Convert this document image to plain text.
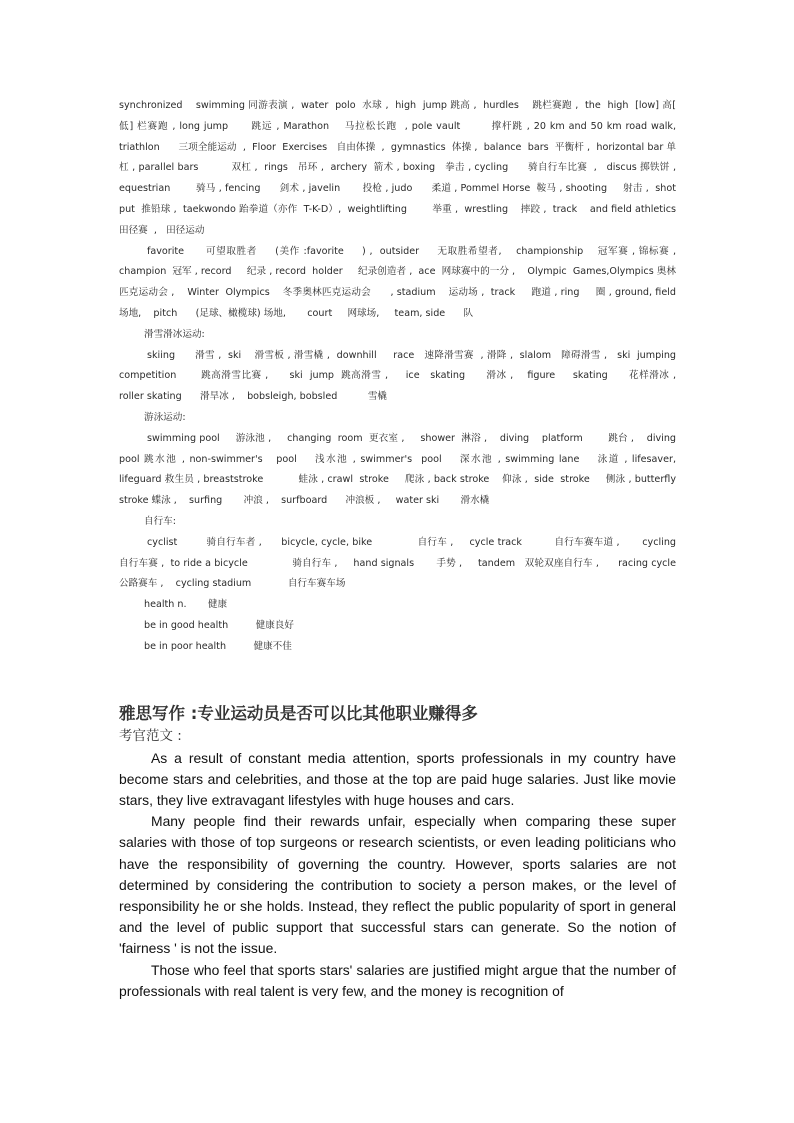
synchronized    swimming 同游表演 ,  water  polo  水球 ,  high  jump 跳高 ,  hurdles    跳栏赛跑 ,  the  high  [low] 高[ 低] 栏赛跑 , long jump      跳远 , Marathon    马拉松长跑  , pole vault        撑杆跳 , 20 km and 50 km road walk, triathlon      三项全能运动  ,  Floor  Exercises   自由体操  ,  gymnastics  体操 ,  balance  bars  平衡杆 ,  horizontal bar 单杠 , parallel bars          双杠 ,  rings   吊环 ,  archery  箭术 , boxing   拳击 , cycling      骑自行车比赛  ,   discus 掷铁饼 , equestrian        骑马 , fencing      剑术 , javelin       投枪 , judo      柔道 , Pommel Horse  鞍马 , shooting     射击 ,  shot  put  推铅球 ,  taekwondo 跆拳道（亦作  T-K-D）,  weightlifting        举重 ,  wrestling    摔跤 ,  track    and field athletics          田径赛  ,   田径运动

favorite      可望取胜者     (美作 :favorite     ) ,  outsider     无取胜希望者,    championship    冠军赛 , 锦标赛 , champion  冠军 , record     纪录 , record  holder     纪录创造者 ,  ace  网球赛中的一分 ,    Olympic  Games,Olympics 奥林匹克运动会 ,    Winter  Olympics    冬季奥林匹克运动会      , stadium    运动场 ,  track     跑道 , ring     圈 , ground, field     场地,    pitch      (足球、橄榄球) 场地,       court     网球场,     team, side      队

滑雪滑冰运动:

skiing      滑雪 ,  ski    滑雪板 , 滑雪橇 ,  downhill     race   速降滑雪赛  , 滑降 ,  slalom   障碍滑雪 ,   ski  jumping competition       跳高滑雪比赛 ,      ski  jump  跳高滑雪 ,     ice   skating      滑冰 ,    figure     skating      花样滑冰 ,      roller skating      滑旱冰 ,    bobsleigh, bobsled          雪橇

游泳运动:

swimming pool     游泳池 ,     changing  room  更衣室 ,     shower  淋浴 ,    diving    platform        跳台 ,    diving    pool 跳水池 , non-swimmer's   pool    浅水池 , swimmer's  pool    深水池 , swimming lane    泳道 , lifesaver,          lifeguard 救生员 , breaststroke           蛙泳 , crawl  stroke     爬泳 , back stroke    仰泳 ,  side  stroke     侧泳 , butterfly           stroke 蝶泳 ,    surfing       冲浪 ,    surfboard      冲浪板 ,     water ski       滑水橇

自行车:

cyclist         骑自行车者 ,      bicycle, cycle, bike              自行车 ,     cycle track          自行车赛车道 ,       cycling      自行车赛 ,  to ride a bicycle              骑自行车 ,     hand signals       手势 ,     tandem   双轮双座自行车 ,      racing cycle          公路赛车 ,    cycling stadium            自行车赛车场

health n.       健康

be in good health         健康良好

be in poor health         健康不佳

雅思写作 :专业运动员是否可以比其他职业赚得多
考官范文 :

As a result of constant media attention, sports professionals in my country have become stars and celebrities, and those at the top are paid huge salaries. Just like movie stars, they live extravagant lifestyles with huge houses and cars.

Many people find their rewards unfair, especially when comparing these super salaries with those of top surgeons or research scientists, or even leading politicians who have the responsibility of governing the country. However, sports salaries are not determined by considering the contribution to society a person makes, or the level of responsibility he or she holds. Instead, they reflect the public popularity of sport in general and the level of public support that successful stars can generate. So the notion of 'fairness ' is not the issue.

Those who feel that sports stars' salaries are justified might argue that the number of professionals with real talent is very few, and the money is recognition of
